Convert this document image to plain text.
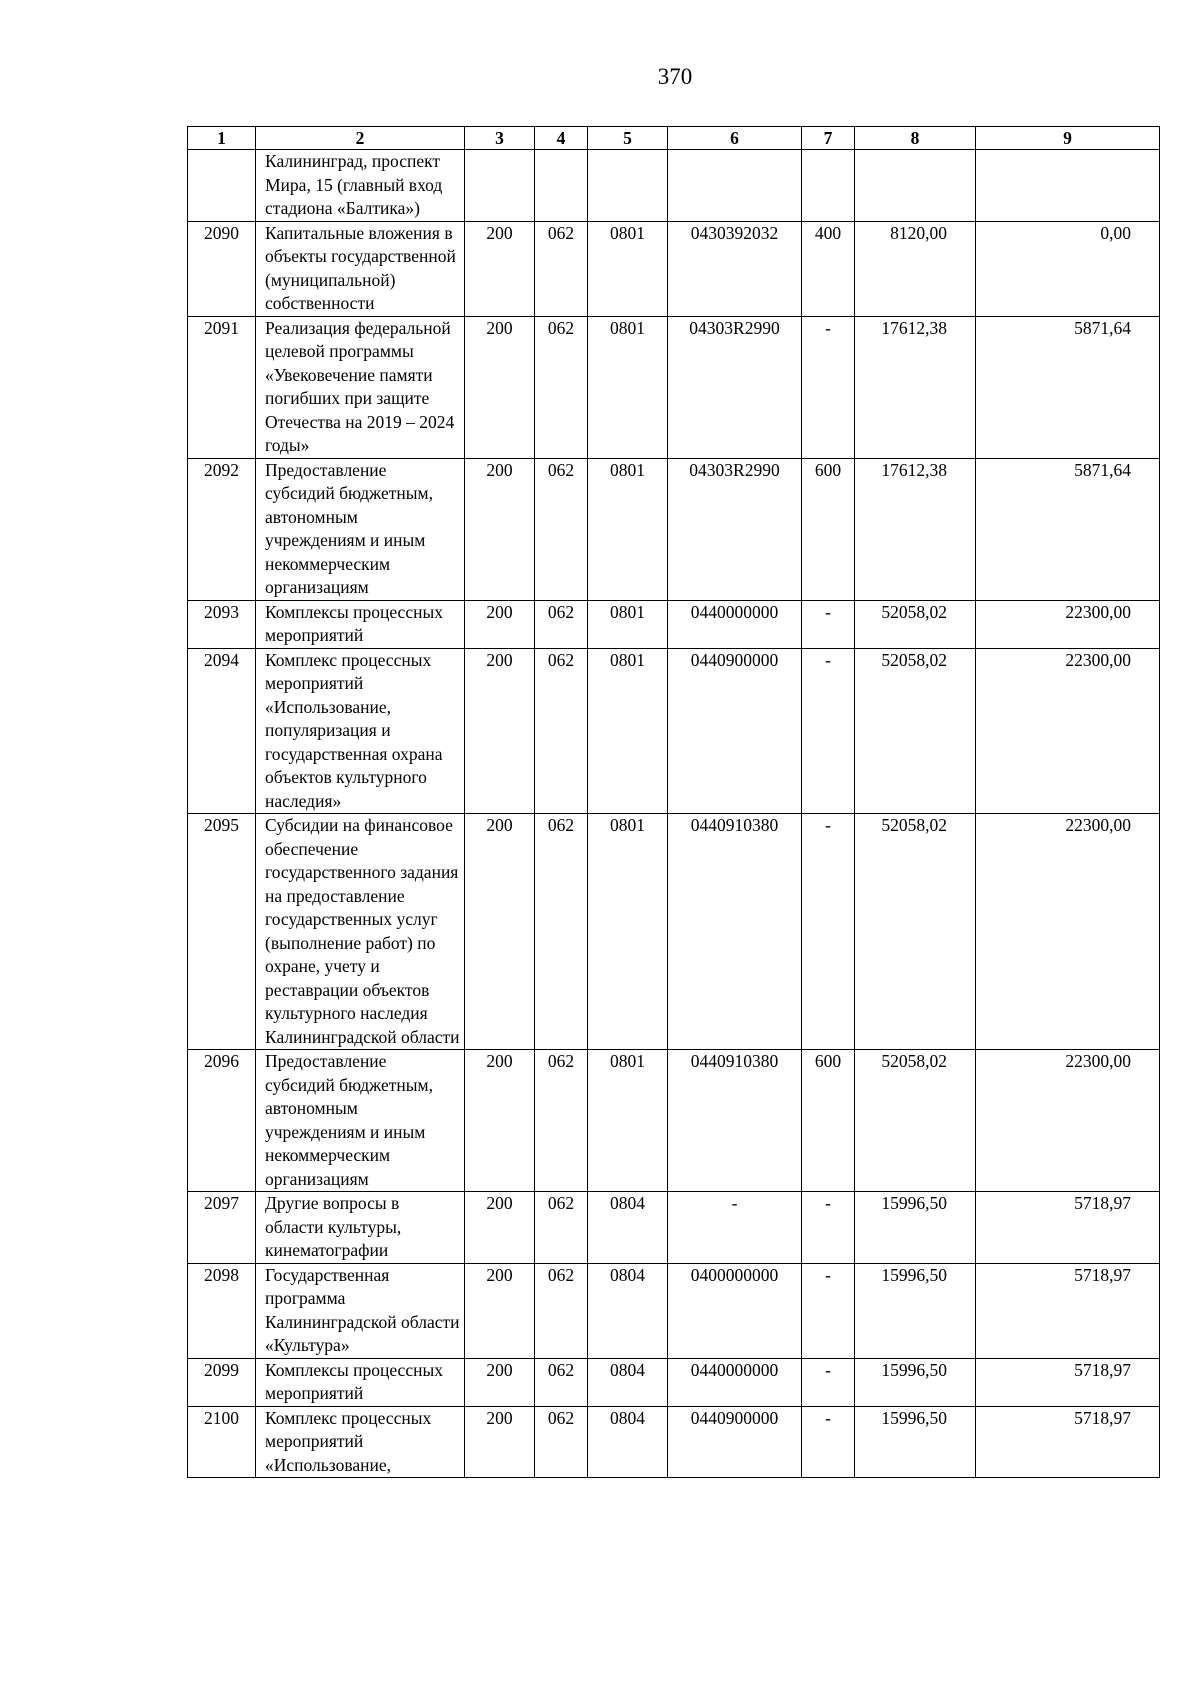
370
1	2	3	4	5	6	7	8	9
	Калининград, проспект Мира, 15 (главный вход стадиона «Балтика»)							
2090	Капитальные вложения в объекты государственной (муниципальной) собственности	200	062	0801	0430392032	400	8120,00	0,00
2091	Реализация федеральной целевой программы «Увековечение памяти погибших при защите Отечества на 2019 – 2024 годы»	200	062	0801	04303R2990	-	17612,38	5871,64
2092	Предоставление субсидий бюджетным, автономным учреждениям и иным некоммерческим организациям	200	062	0801	04303R2990	600	17612,38	5871,64
2093	Комплексы процессных мероприятий	200	062	0801	0440000000	-	52058,02	22300,00
2094	Комплекс процессных мероприятий «Использование, популяризация и государственная охрана объектов культурного наследия»	200	062	0801	0440900000	-	52058,02	22300,00
2095	Субсидии на финансовое обеспечение государственного задания на предоставление государственных услуг (выполнение работ) по охране, учету и реставрации объектов культурного наследия Калининградской области	200	062	0801	0440910380	-	52058,02	22300,00
2096	Предоставление субсидий бюджетным, автономным учреждениям и иным некоммерческим организациям	200	062	0801	0440910380	600	52058,02	22300,00
2097	Другие вопросы в области культуры, кинематографии	200	062	0804	-	-	15996,50	5718,97
2098	Государственная программа Калининградской области «Культура»	200	062	0804	0400000000	-	15996,50	5718,97
2099	Комплексы процессных мероприятий	200	062	0804	0440000000	-	15996,50	5718,97
2100	Комплекс процессных мероприятий «Использование,	200	062	0804	0440900000	-	15996,50	5718,97
